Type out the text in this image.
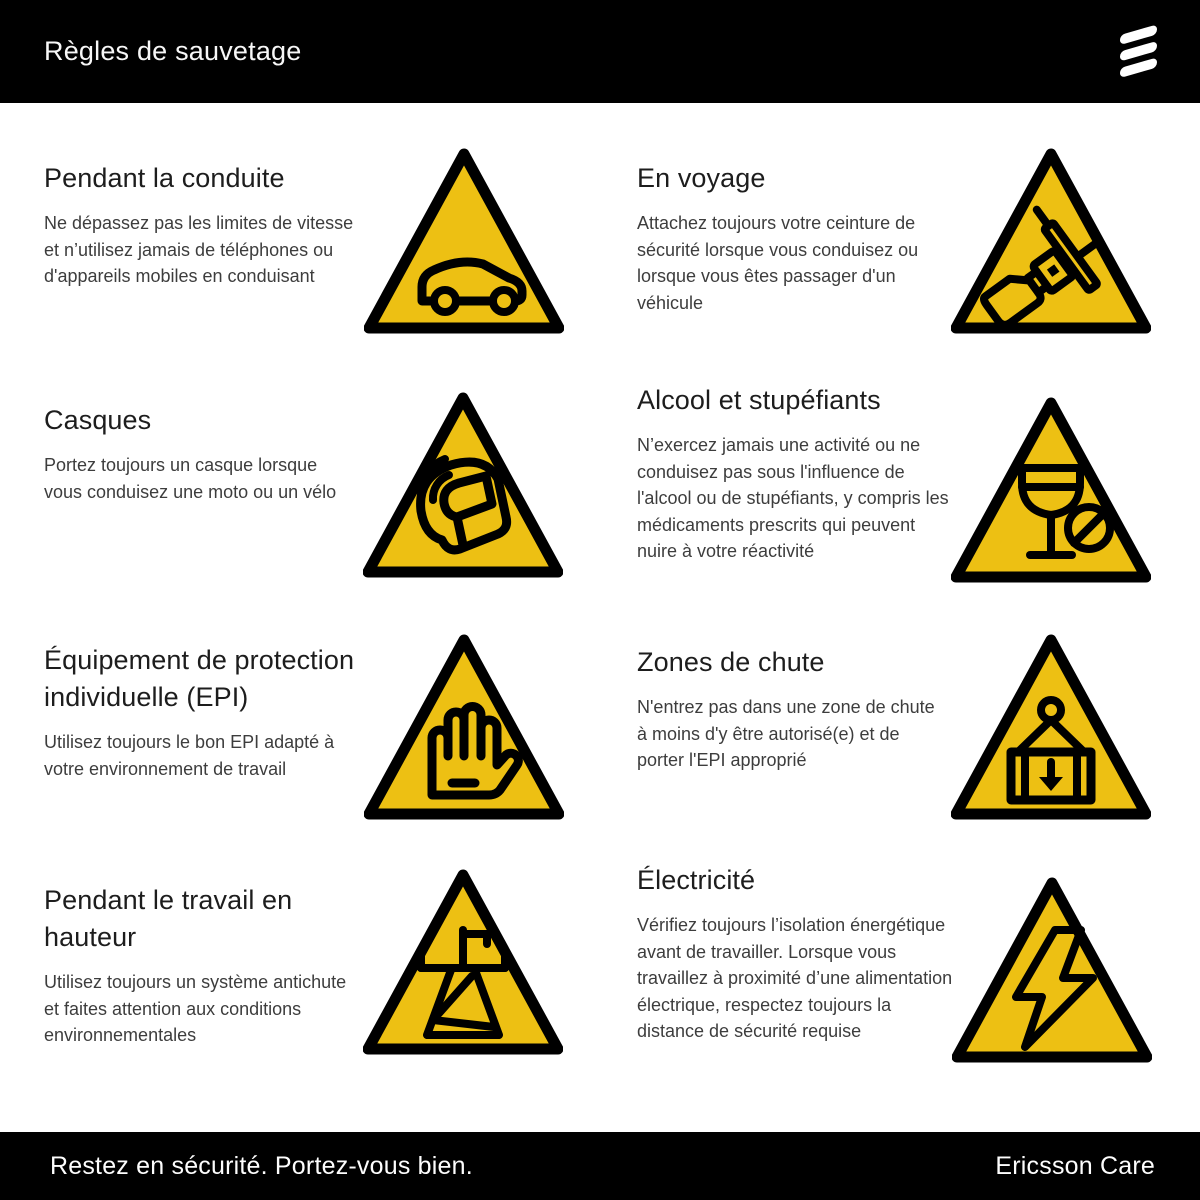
Règles de sauvetage
Pendant la conduite
Ne dépassez pas les limites de vitesse et n’utilisez jamais de téléphones ou d'appareils mobiles en conduisant
En voyage
Attachez toujours votre ceinture de sécurité lorsque vous conduisez ou lorsque vous êtes passager d'un véhicule
Casques
Portez toujours un casque lorsque vous conduisez une moto ou un vélo
Alcool et stupéfiants
N’exercez jamais une activité ou ne conduisez pas sous l'influence de l'alcool ou de stupéfiants, y compris les médicaments prescrits qui peuvent nuire à votre réactivité
Équipement de protection individuelle (EPI)
Utilisez toujours le bon EPI adapté à votre environnement de travail
Zones de chute
N'entrez pas dans une zone de chute à moins d'y être autorisé(e) et de porter l'EPI approprié
Pendant le travail en hauteur
Utilisez toujours un système antichute et faites attention aux conditions environnementales
Électricité
Vérifiez toujours l’isolation énergétique avant de travailler. Lorsque vous travaillez à proximité d’une alimentation électrique, respectez toujours la distance de sécurité requise
Restez en sécurité. Portez-vous bien.	Ericsson Care
